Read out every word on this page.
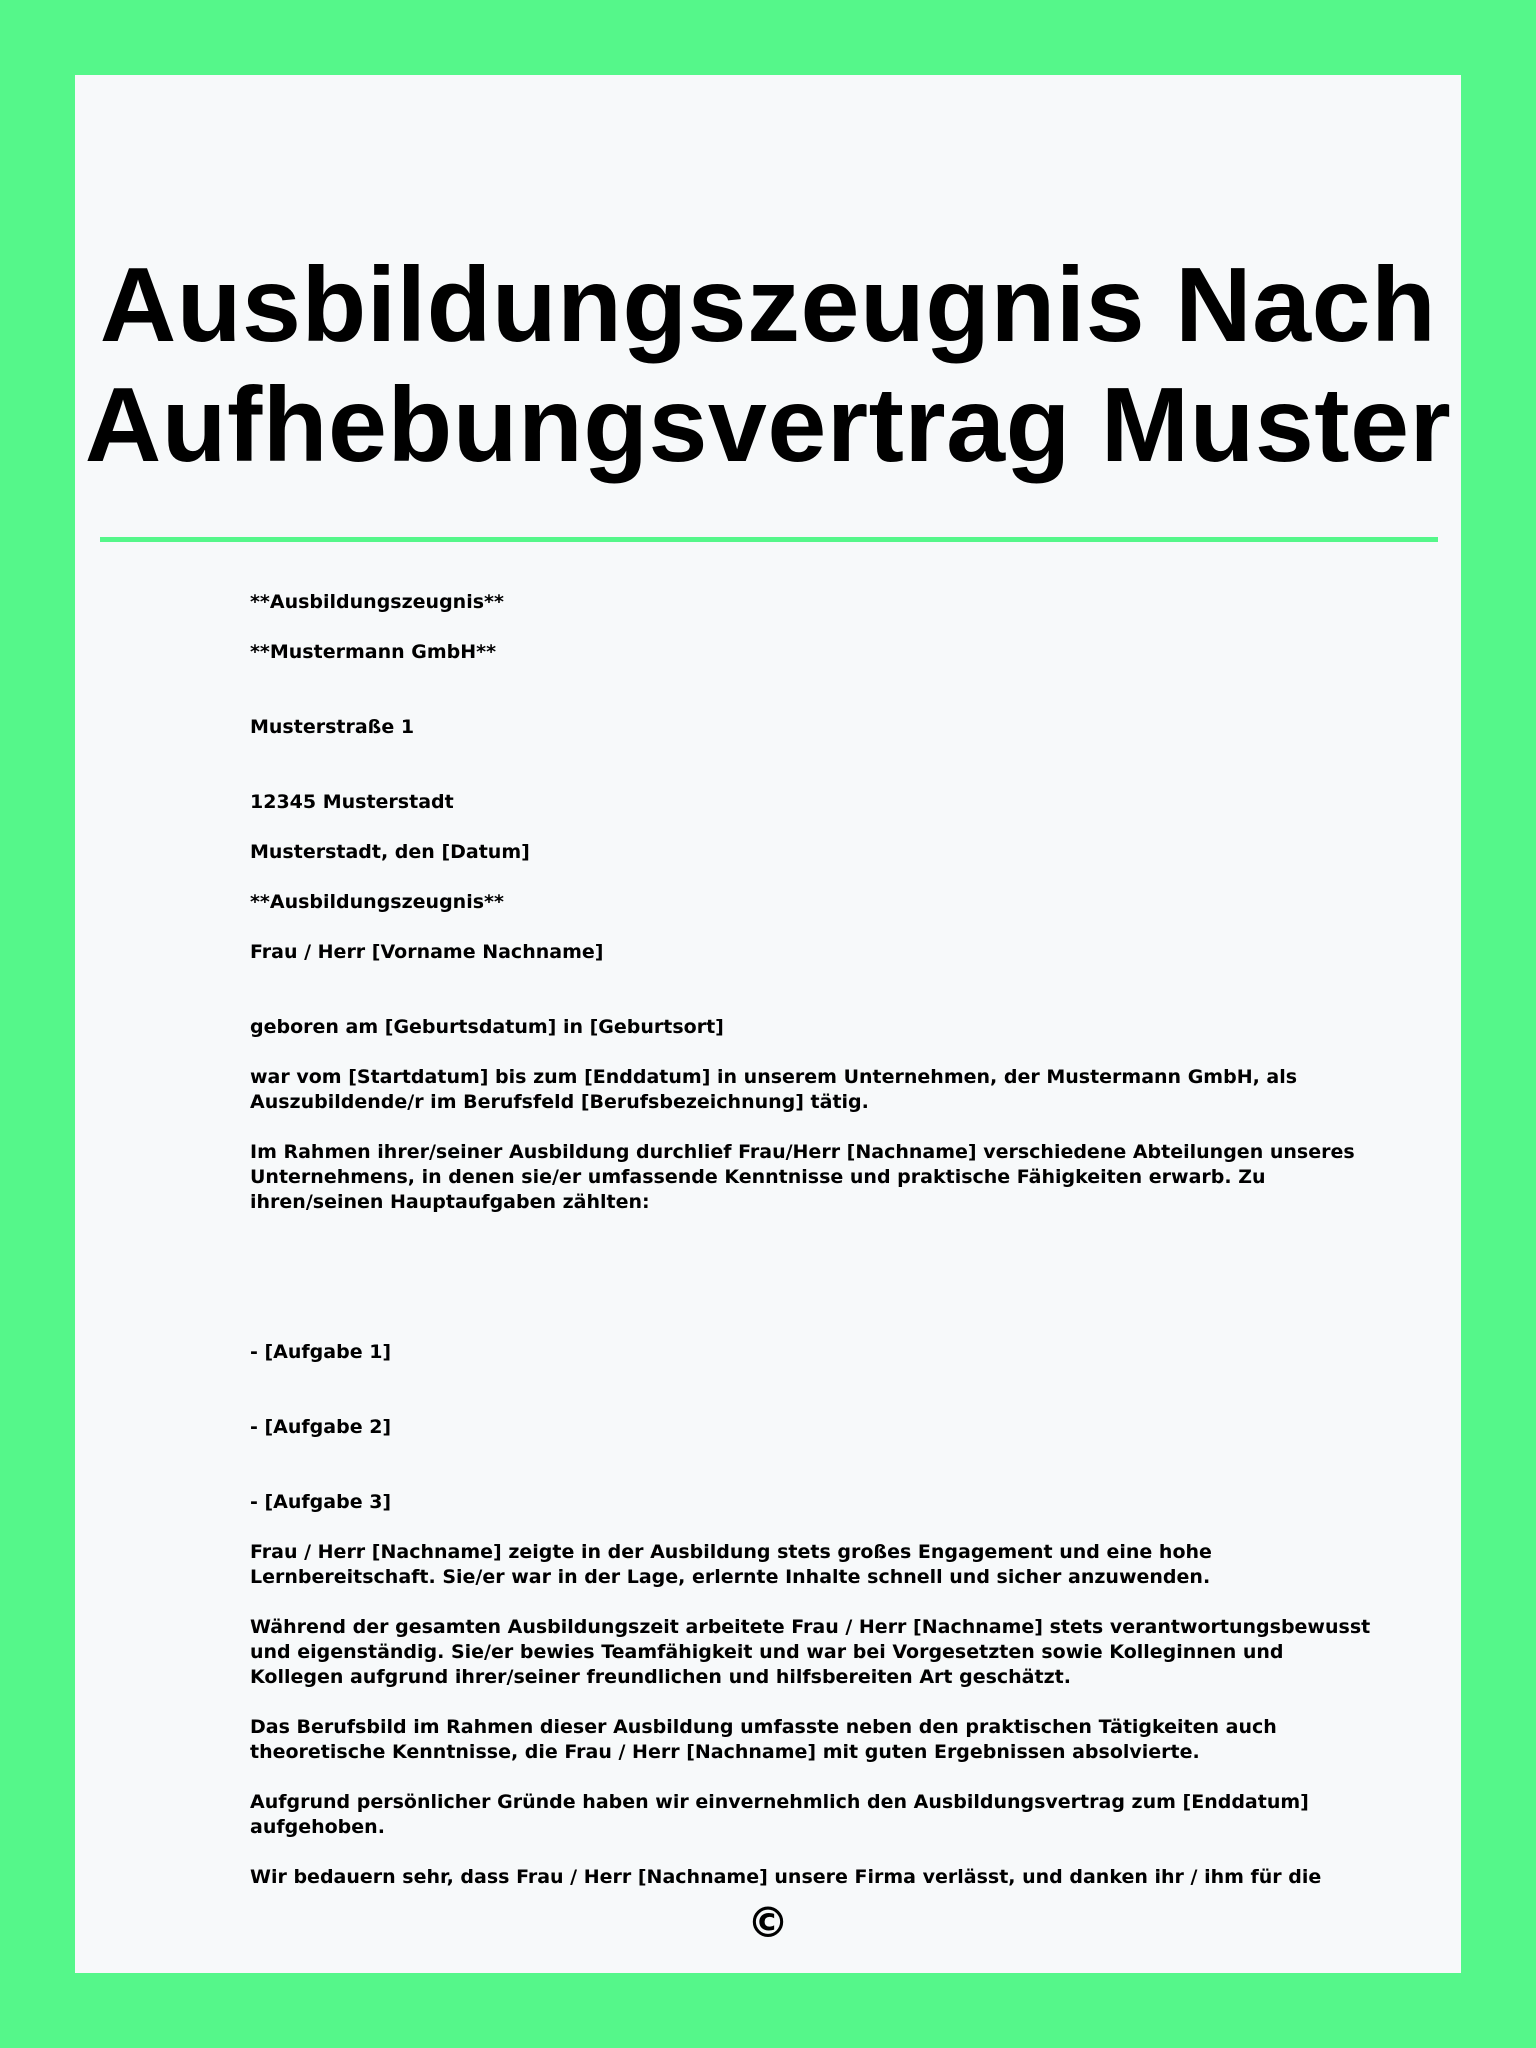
Ausbildungszeugnis Nach
Aufhebungsvertrag Muster

**Ausbildungszeugnis**

**Mustermann GmbH**

Musterstraße 1

12345 Musterstadt

Musterstadt, den [Datum]

**Ausbildungszeugnis**

Frau / Herr [Vorname Nachname]

geboren am [Geburtsdatum] in [Geburtsort]

war vom [Startdatum] bis zum [Enddatum] in unserem Unternehmen, der Mustermann GmbH, als Auszubildende/r im Berufsfeld [Berufsbezeichnung] tätig.

Im Rahmen ihrer/seiner Ausbildung durchlief Frau/Herr [Nachname] verschiedene Abteilungen unseres Unternehmens, in denen sie/er umfassende Kenntnisse und praktische Fähigkeiten erwarb. Zu ihren/seinen Hauptaufgaben zählten:

- [Aufgabe 1]

- [Aufgabe 2]

- [Aufgabe 3]

Frau / Herr [Nachname] zeigte in der Ausbildung stets großes Engagement und eine hohe Lernbereitschaft. Sie/er war in der Lage, erlernte Inhalte schnell und sicher anzuwenden.

Während der gesamten Ausbildungszeit arbeitete Frau / Herr [Nachname] stets verantwortungsbewusst und eigenständig. Sie/er bewies Teamfähigkeit und war bei Vorgesetzten sowie Kolleginnen und Kollegen aufgrund ihrer/seiner freundlichen und hilfsbereiten Art geschätzt.

Das Berufsbild im Rahmen dieser Ausbildung umfasste neben den praktischen Tätigkeiten auch theoretische Kenntnisse, die Frau / Herr [Nachname] mit guten Ergebnissen absolvierte.

Aufgrund persönlicher Gründe haben wir einvernehmlich den Ausbildungsvertrag zum [Enddatum] aufgehoben.

Wir bedauern sehr, dass Frau / Herr [Nachname] unsere Firma verlässt, und danken ihr / ihm für die

©
